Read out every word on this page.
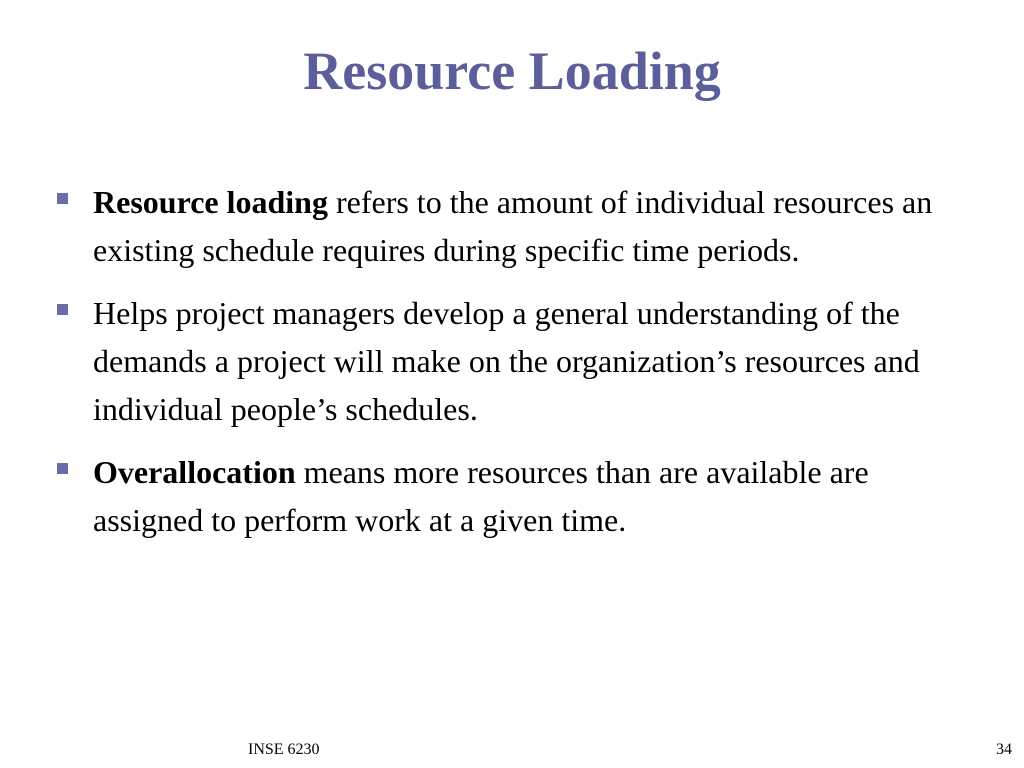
Resource Loading
Resource loading refers to the amount of individual resources an existing schedule requires during specific time periods.
Helps project managers develop a general understanding of the demands a project will make on the organization’s resources and individual people’s schedules.
Overallocation means more resources than are available are assigned to perform work at a given time.
INSE 6230	34
